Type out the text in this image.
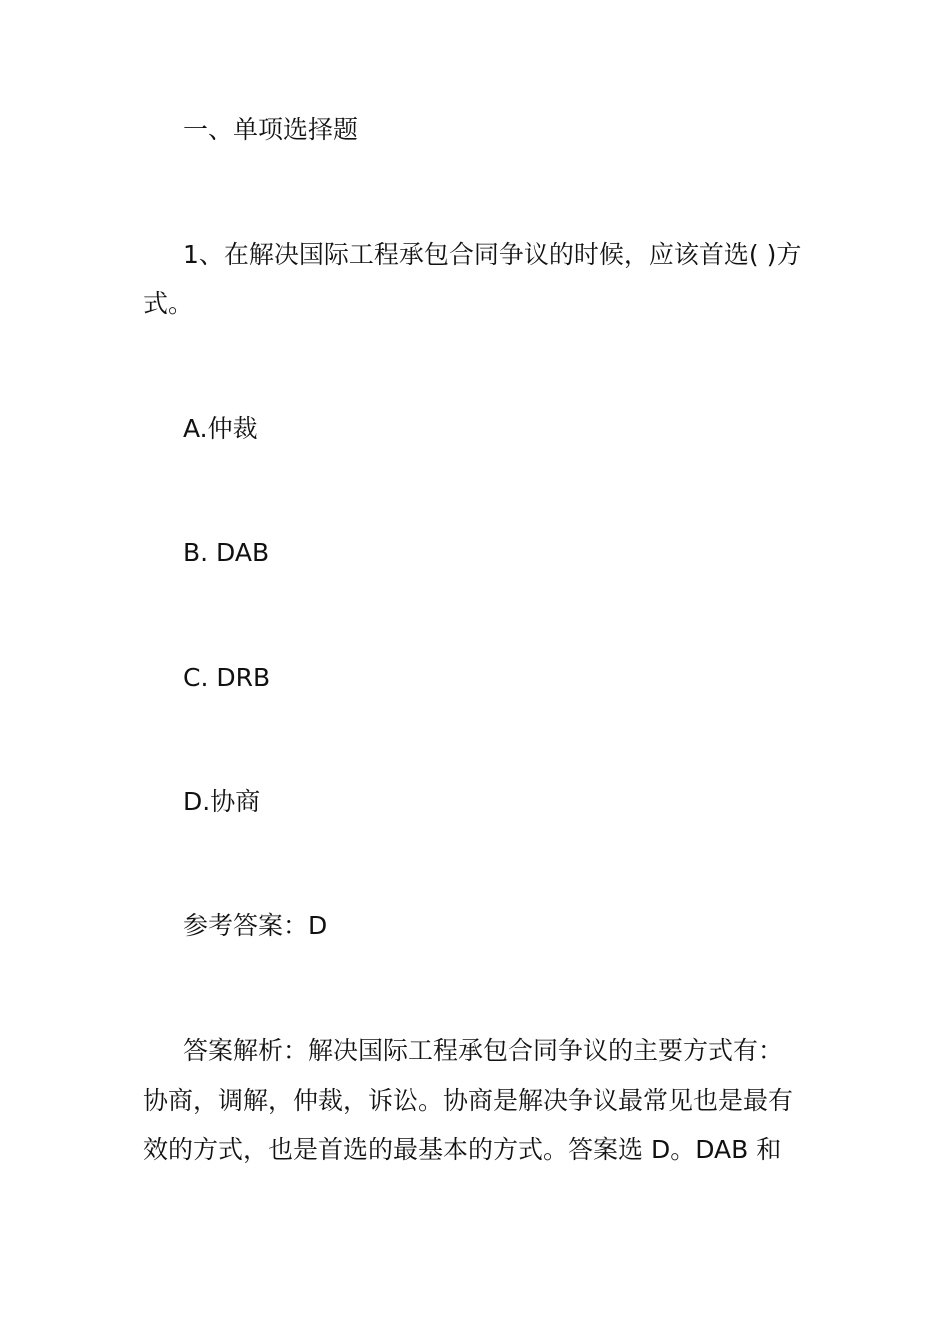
一、单项选择题
1、在解决国际工程承包合同争议的时候，应该首选( )方
式。
A.仲裁
B. DAB
C. DRB
D.协商
参考答案：D
答案解析：解决国际工程承包合同争议的主要方式有：
协商，调解，仲裁，诉讼。协商是解决争议最常见也是最有
效的方式，也是首选的最基本的方式。答案选 D。DAB 和
